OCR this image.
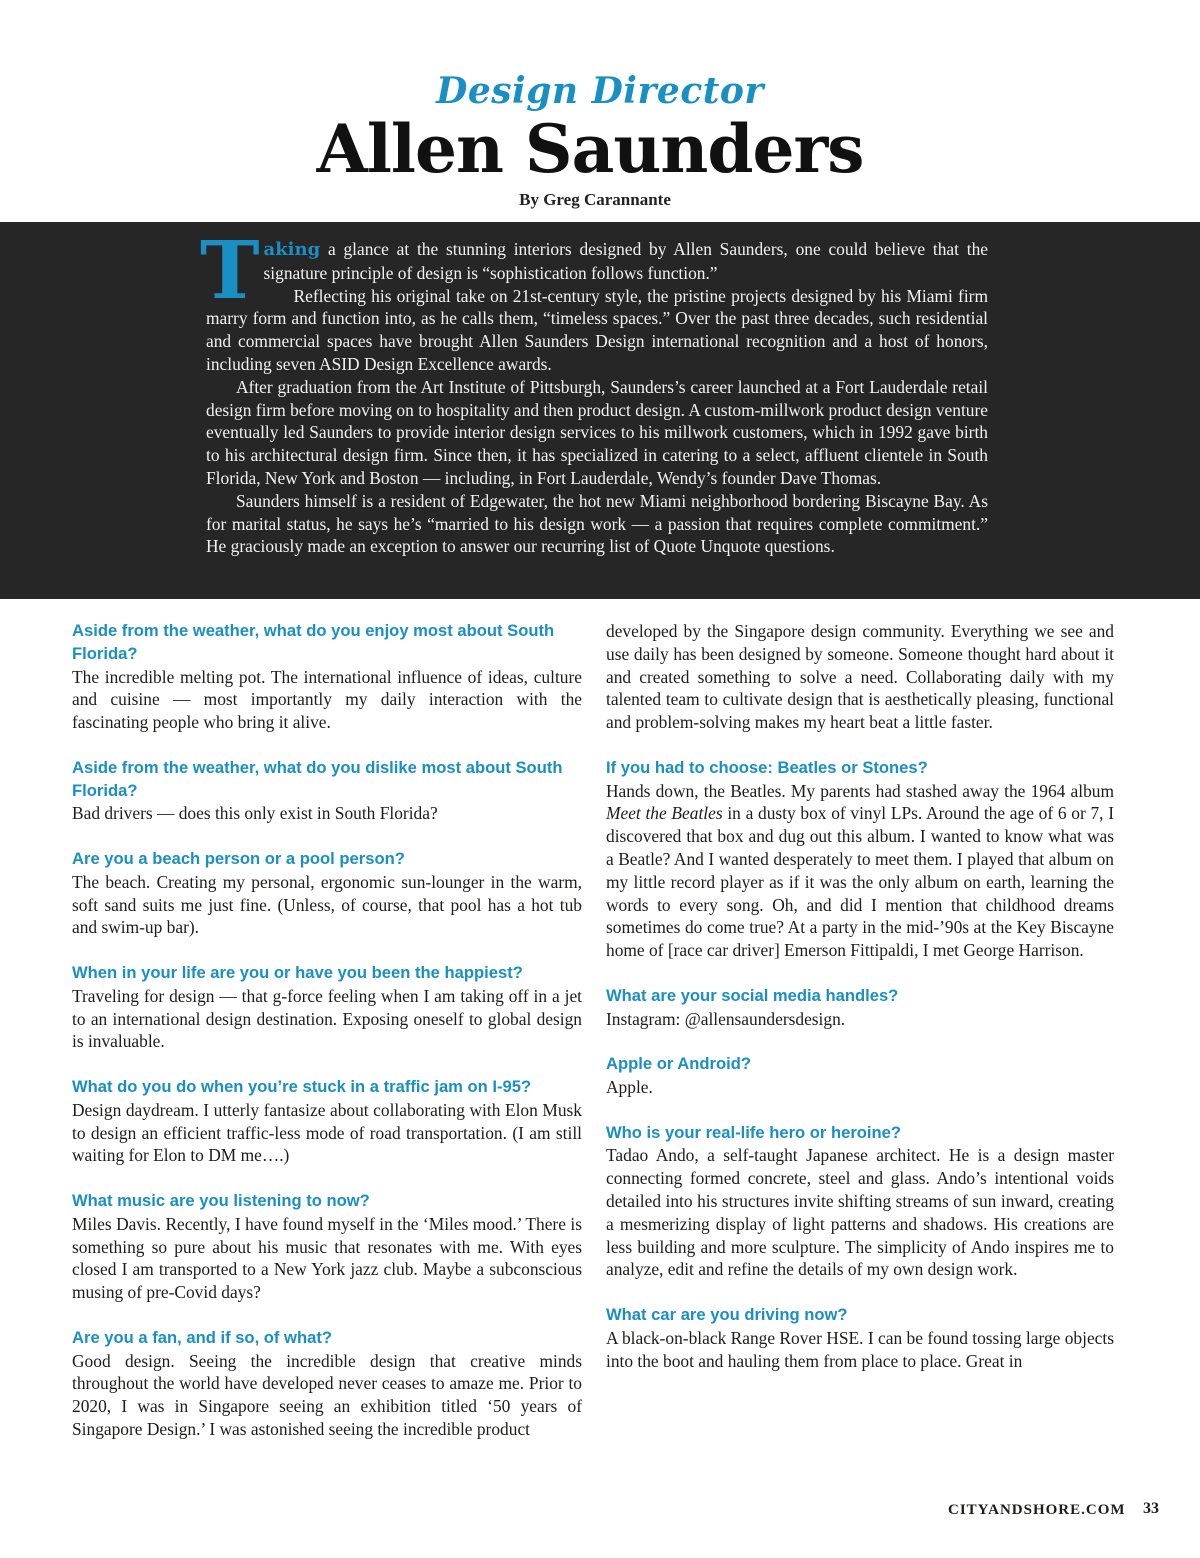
Design Director
Allen Saunders
By Greg Carannante

Taking a glance at the stunning interiors designed by Allen Saunders, one could believe that the signature principle of design is “sophistication follows function.”

Reflecting his original take on 21st-century style, the pristine projects designed by his Miami firm marry form and function into, as he calls them, “timeless spaces.” Over the past three decades, such residential and commercial spaces have brought Allen Saunders Design international recognition and a host of honors, including seven ASID Design Excellence awards.

After graduation from the Art Institute of Pittsburgh, Saunders’s career launched at a Fort Lauderdale retail design firm before moving on to hospitality and then product design. A custom-millwork product design venture eventually led Saunders to provide interior design services to his millwork customers, which in 1992 gave birth to his architectural design firm. Since then, it has specialized in catering to a select, affluent clientele in South Florida, New York and Boston — including, in Fort Lauderdale, Wendy’s founder Dave Thomas.

Saunders himself is a resident of Edgewater, the hot new Miami neighborhood bordering Biscayne Bay. As for marital status, he says he’s “married to his design work — a passion that requires complete commitment.” He graciously made an exception to answer our recurring list of Quote Unquote questions.

Aside from the weather, what do you enjoy most about South Florida?

The incredible melting pot. The international influence of ideas, culture and cuisine — most importantly my daily interaction with the fascinating people who bring it alive.

Aside from the weather, what do you dislike most about South Florida?

Bad drivers — does this only exist in South Florida?

Are you a beach person or a pool person?

The beach. Creating my personal, ergonomic sun-lounger in the warm, soft sand suits me just fine. (Unless, of course, that pool has a hot tub and swim-up bar).

When in your life are you or have you been the happiest?

Traveling for design — that g-force feeling when I am taking off in a jet to an international design destination. Exposing oneself to global design is invaluable.

What do you do when you’re stuck in a traffic jam on I-95?

Design daydream. I utterly fantasize about collaborating with Elon Musk to design an efficient traffic-less mode of road transportation. (I am still waiting for Elon to DM me….)

What music are you listening to now?

Miles Davis. Recently, I have found myself in the ‘Miles mood.’ There is something so pure about his music that resonates with me. With eyes closed I am transported to a New York jazz club. Maybe a subconscious musing of pre-Covid days?

Are you a fan, and if so, of what?

Good design. Seeing the incredible design that creative minds throughout the world have developed never ceases to amaze me. Prior to 2020, I was in Singapore seeing an exhibition titled ‘50 years of Singapore Design.’ I was astonished seeing the incredible product

developed by the Singapore design community. Everything we see and use daily has been designed by someone. Someone thought hard about it and created something to solve a need. Collaborating daily with my talented team to cultivate design that is aesthetically pleasing, functional and problem-solving makes my heart beat a little faster.

If you had to choose: Beatles or Stones?

Hands down, the Beatles. My parents had stashed away the 1964 album Meet the Beatles in a dusty box of vinyl LPs. Around the age of 6 or 7, I discovered that box and dug out this album. I wanted to know what was a Beatle? And I wanted desperately to meet them. I played that album on my little record player as if it was the only album on earth, learning the words to every song. Oh, and did I mention that childhood dreams sometimes do come true? At a party in the mid-’90s at the Key Biscayne home of [race car driver] Emerson Fittipaldi, I met George Harrison.

What are your social media handles?

Instagram: @allensaundersdesign.

Apple or Android?

Apple.

Who is your real-life hero or heroine?

Tadao Ando, a self-taught Japanese architect. He is a design master connecting formed concrete, steel and glass. Ando’s intentional voids detailed into his structures invite shifting streams of sun inward, creating a mesmerizing display of light patterns and shadows. His creations are less building and more sculpture. The simplicity of Ando inspires me to analyze, edit and refine the details of my own design work.

What car are you driving now?

A black-on-black Range Rover HSE. I can be found tossing large objects into the boot and hauling them from place to place. Great in

CITYANDSHORE.COM 33
